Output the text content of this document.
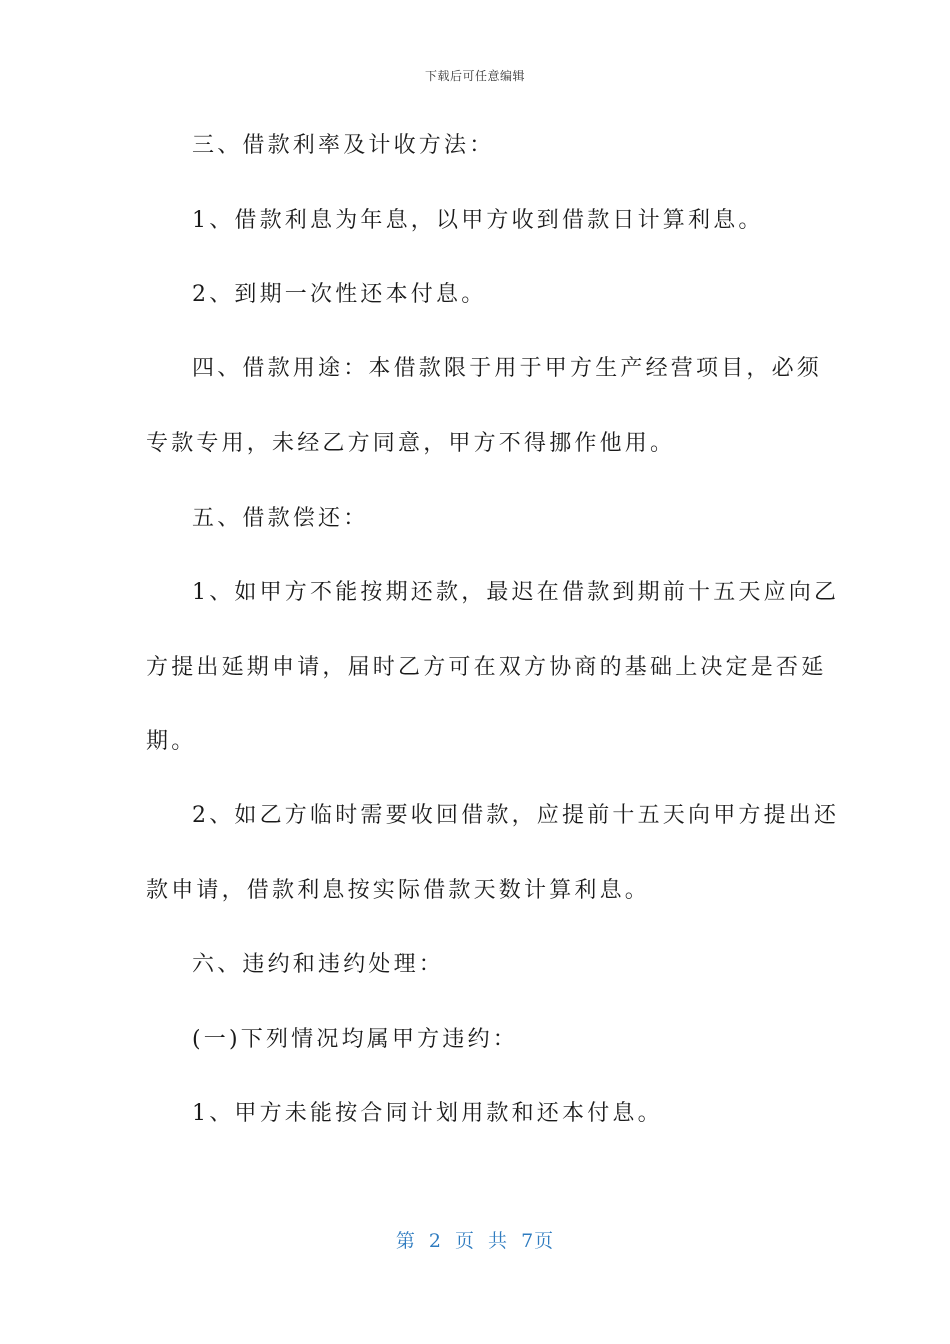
下载后可任意编辑
三、借款利率及计收方法：
1、借款利息为年息，以甲方收到借款日计算利息。
2、到期一次性还本付息。
四、借款用途：本借款限于用于甲方生产经营项目，必须
专款专用，未经乙方同意，甲方不得挪作他用。
五、借款偿还：
1、如甲方不能按期还款，最迟在借款到期前十五天应向乙
方提出延期申请，届时乙方可在双方协商的基础上决定是否延
期。
2、如乙方临时需要收回借款，应提前十五天向甲方提出还
款申请，借款利息按实际借款天数计算利息。
六、违约和违约处理：
(一)下列情况均属甲方违约：
1、甲方未能按合同计划用款和还本付息。
第 2 页 共 7页
